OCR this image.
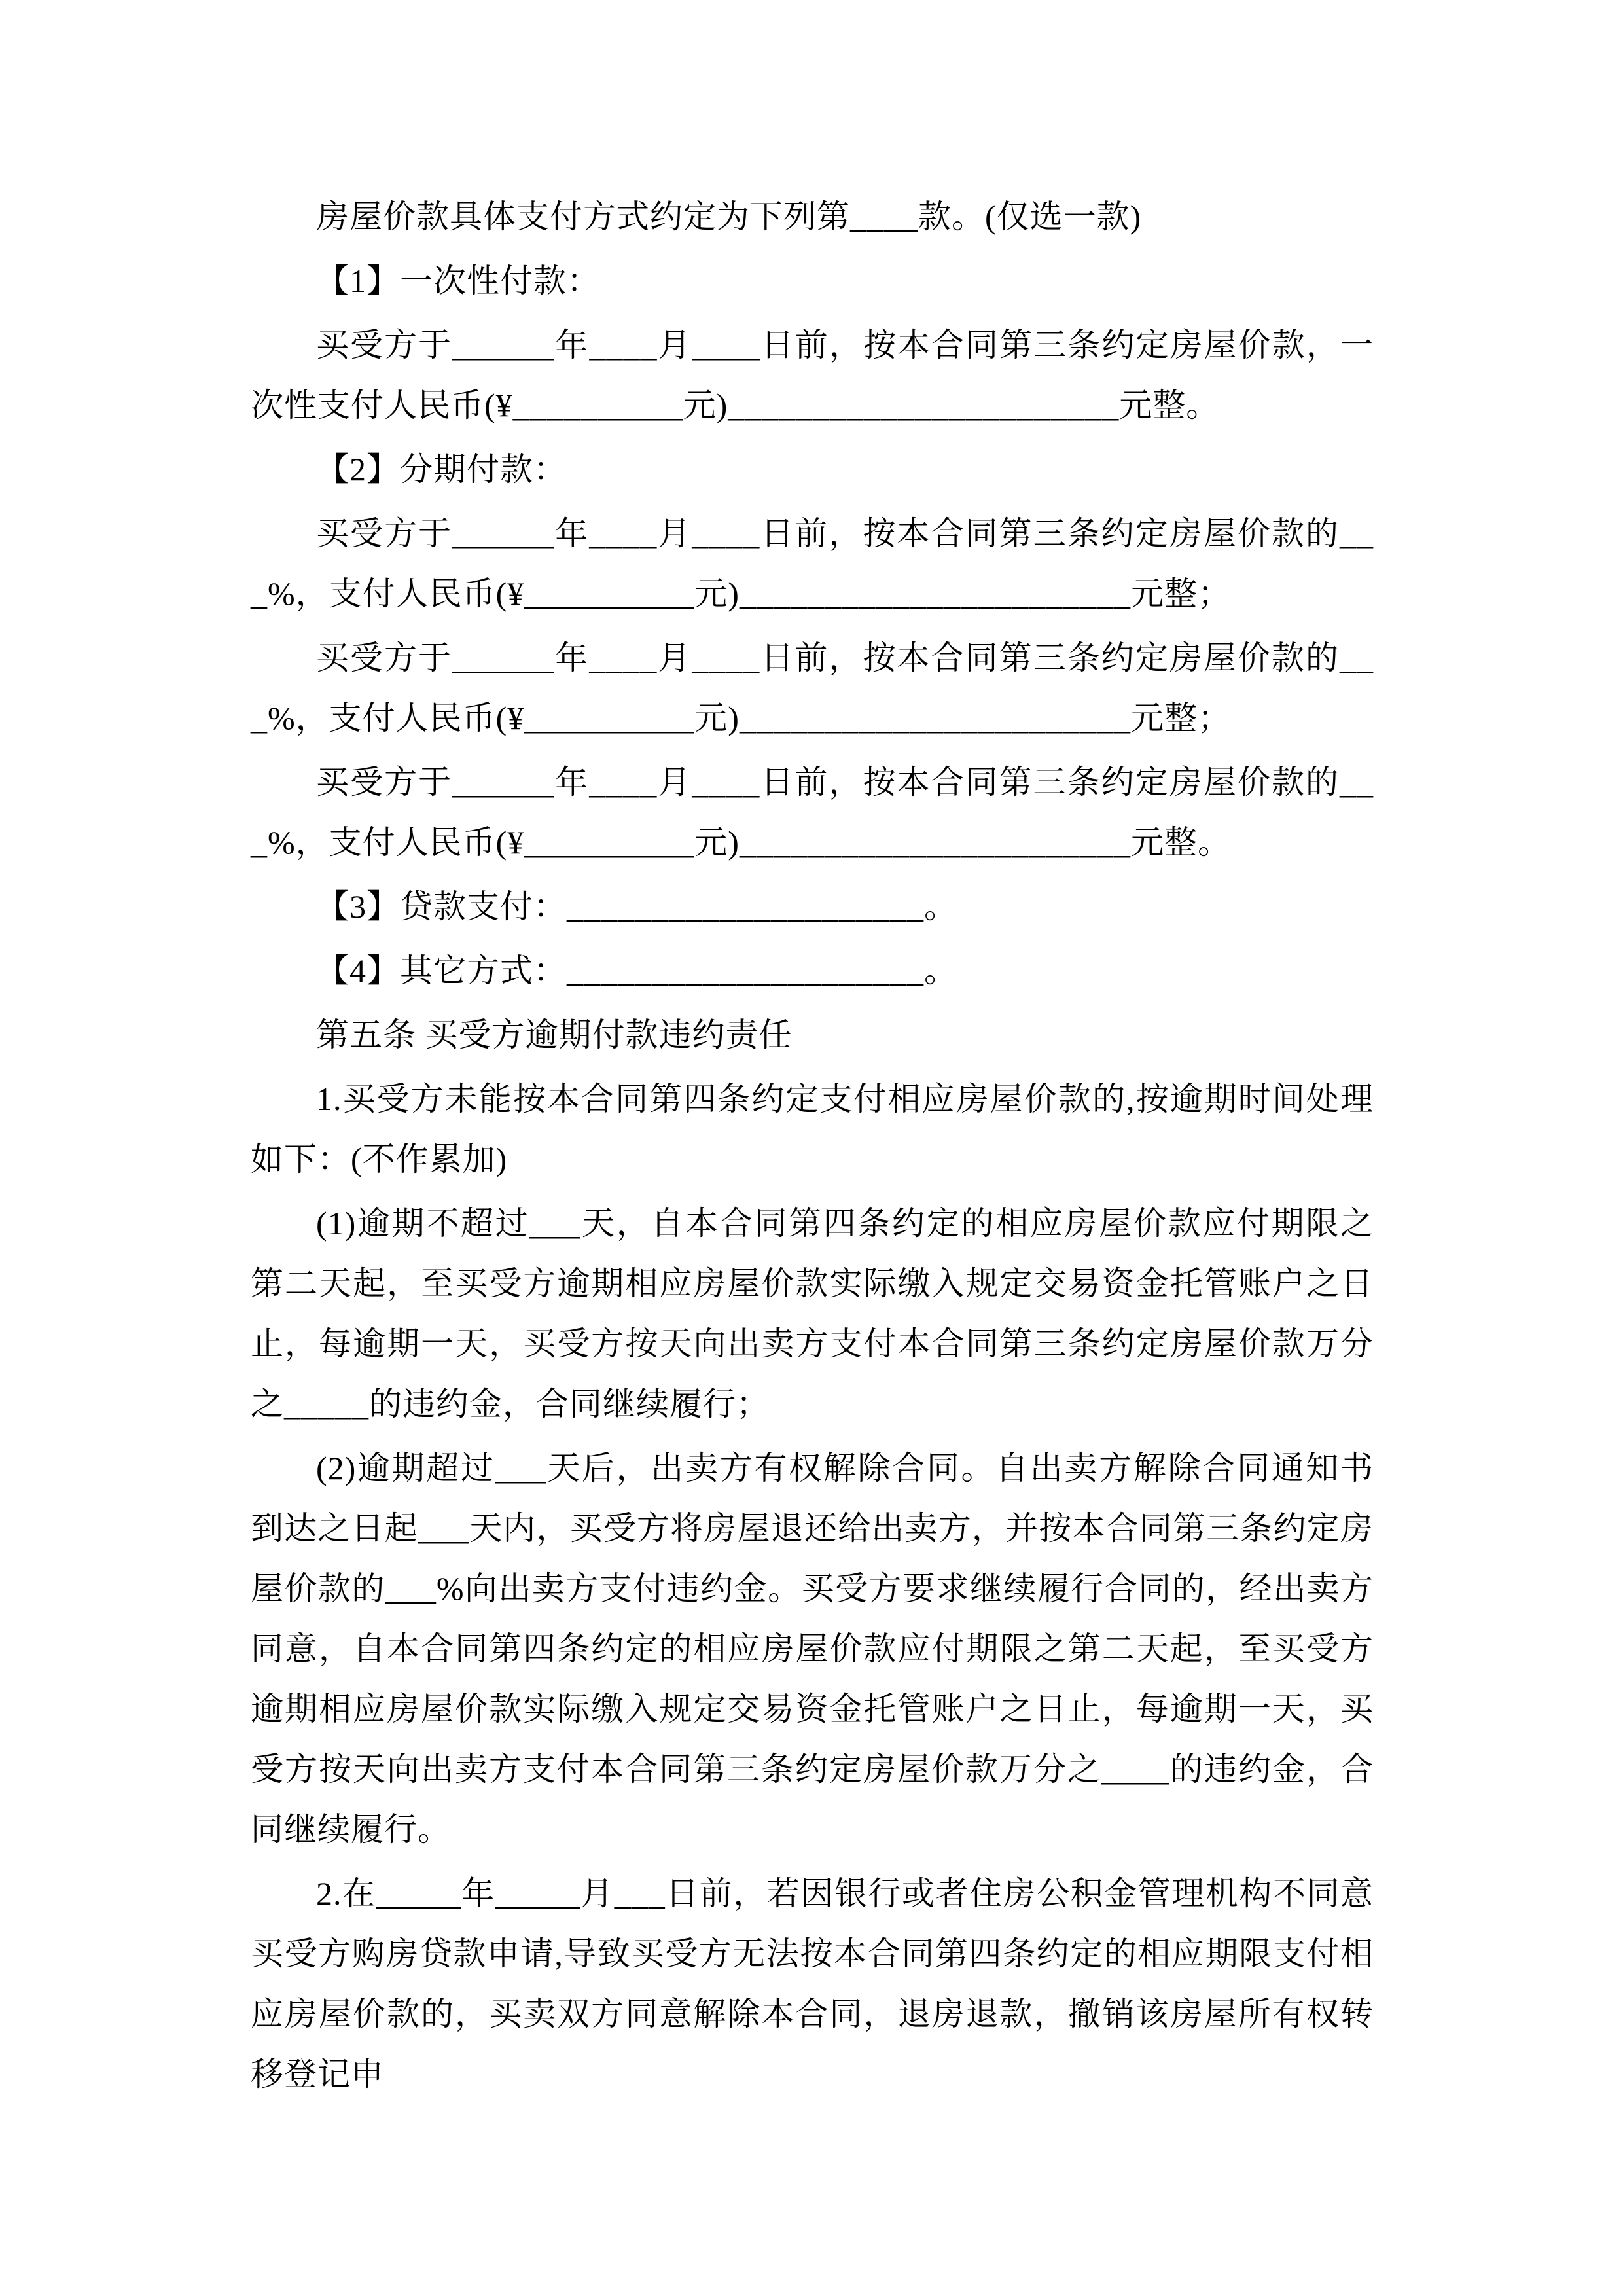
房屋价款具体支付方式约定为下列第____款。(仅选一款)

【1】一次性付款：

买受方于______年____月____日前，按本合同第三条约定房屋价款，一次性支付人民币(¥__________元)_______________________元整。

【2】分期付款：

买受方于______年____月____日前，按本合同第三条约定房屋价款的___%，支付人民币(¥__________元)_______________________元整；

买受方于______年____月____日前，按本合同第三条约定房屋价款的___%，支付人民币(¥__________元)_______________________元整；

买受方于______年____月____日前，按本合同第三条约定房屋价款的___%，支付人民币(¥__________元)_______________________元整。

【3】贷款支付：_____________________。

【4】其它方式：_____________________。

第五条 买受方逾期付款违约责任

1.买受方未能按本合同第四条约定支付相应房屋价款的,按逾期时间处理如下：(不作累加)

(1)逾期不超过___天，自本合同第四条约定的相应房屋价款应付期限之第二天起，至买受方逾期相应房屋价款实际缴入规定交易资金托管账户之日止，每逾期一天，买受方按天向出卖方支付本合同第三条约定房屋价款万分之_____的违约金，合同继续履行；

(2)逾期超过___天后，出卖方有权解除合同。自出卖方解除合同通知书到达之日起___天内，买受方将房屋退还给出卖方，并按本合同第三条约定房屋价款的___%向出卖方支付违约金。买受方要求继续履行合同的，经出卖方同意，自本合同第四条约定的相应房屋价款应付期限之第二天起，至买受方逾期相应房屋价款实际缴入规定交易资金托管账户之日止，每逾期一天，买受方按天向出卖方支付本合同第三条约定房屋价款万分之____的违约金，合同继续履行。

2.在_____年_____月___日前，若因银行或者住房公积金管理机构不同意买受方购房贷款申请,导致买受方无法按本合同第四条约定的相应期限支付相应房屋价款的，买卖双方同意解除本合同，退房退款，撤销该房屋所有权转移登记申
